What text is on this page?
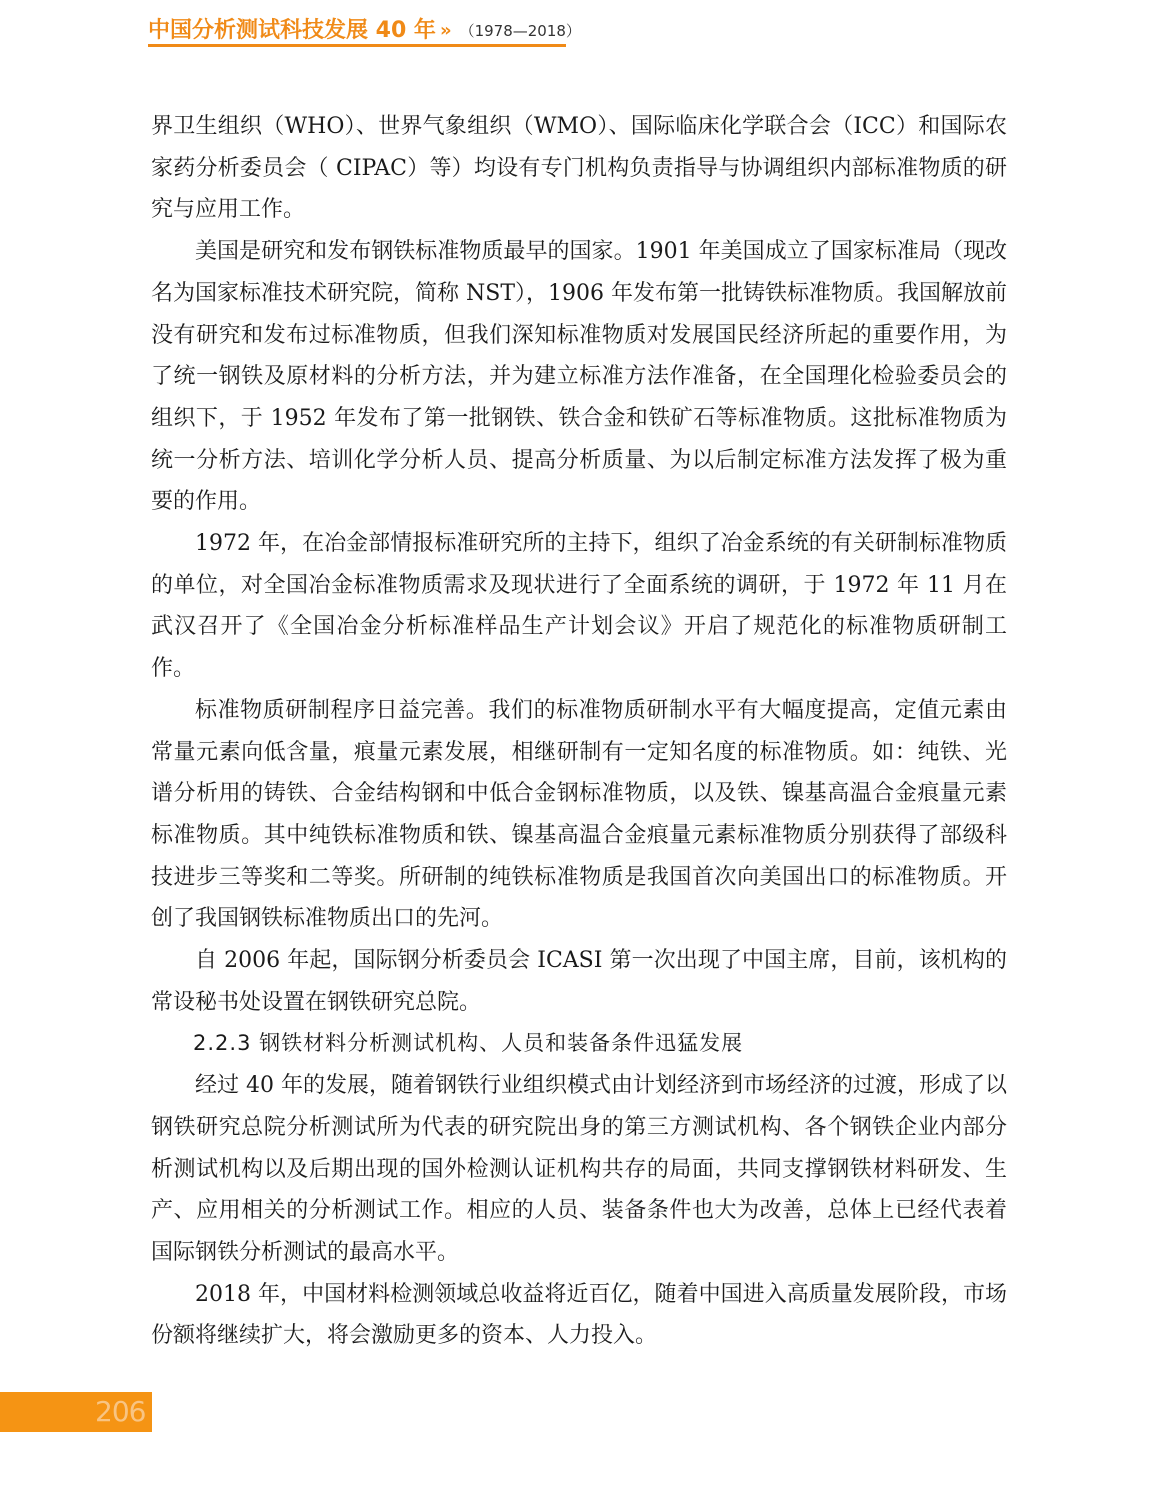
中国分析测试科技发展 40 年 » （1978—2018）

界卫生组织（WHO）、世界气象组织（WMO）、国际临床化学联合会（ICC）和国际农家药分析委员会（ CIPAC）等）均设有专门机构负责指导与协调组织内部标准物质的研究与应用工作。

美国是研究和发布钢铁标准物质最早的国家。1901 年美国成立了国家标准局（现改名为国家标准技术研究院，简称 NST），1906 年发布第一批铸铁标准物质。我国解放前没有研究和发布过标准物质，但我们深知标准物质对发展国民经济所起的重要作用，为了统一钢铁及原材料的分析方法，并为建立标准方法作准备，在全国理化检验委员会的组织下，于 1952 年发布了第一批钢铁、铁合金和铁矿石等标准物质。这批标准物质为统一分析方法、培训化学分析人员、提高分析质量、为以后制定标准方法发挥了极为重要的作用。

1972 年，在冶金部情报标准研究所的主持下，组织了冶金系统的有关研制标准物质的单位，对全国冶金标准物质需求及现状进行了全面系统的调研，于 1972 年 11 月在武汉召开了《全国冶金分析标准样品生产计划会议》开启了规范化的标准物质研制工作。

标准物质研制程序日益完善。我们的标准物质研制水平有大幅度提高，定值元素由常量元素向低含量，痕量元素发展，相继研制有一定知名度的标准物质。如：纯铁、光谱分析用的铸铁、合金结构钢和中低合金钢标准物质，以及铁、镍基高温合金痕量元素标准物质。其中纯铁标准物质和铁、镍基高温合金痕量元素标准物质分别获得了部级科技进步三等奖和二等奖。所研制的纯铁标准物质是我国首次向美国出口的标准物质。开创了我国钢铁标准物质出口的先河。

自 2006 年起，国际钢分析委员会 ICASI 第一次出现了中国主席，目前，该机构的常设秘书处设置在钢铁研究总院。

2.2.3 钢铁材料分析测试机构、人员和装备条件迅猛发展

经过 40 年的发展，随着钢铁行业组织模式由计划经济到市场经济的过渡，形成了以钢铁研究总院分析测试所为代表的研究院出身的第三方测试机构、各个钢铁企业内部分析测试机构以及后期出现的国外检测认证机构共存的局面，共同支撑钢铁材料研发、生产、应用相关的分析测试工作。相应的人员、装备条件也大为改善，总体上已经代表着国际钢铁分析测试的最高水平。

2018 年，中国材料检测领域总收益将近百亿，随着中国进入高质量发展阶段，市场份额将继续扩大，将会激励更多的资本、人力投入。

206
